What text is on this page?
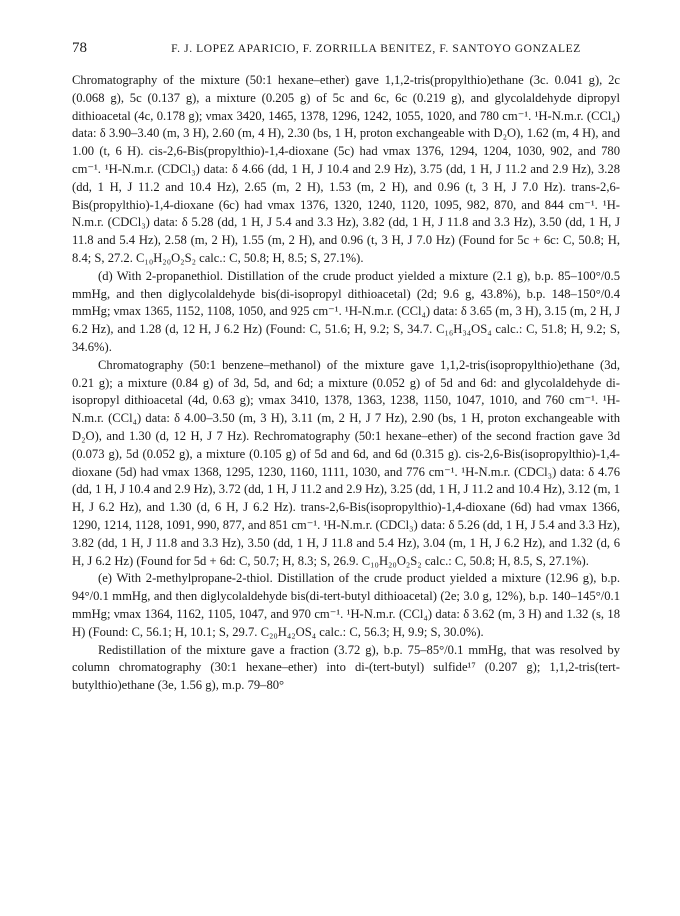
78	F. J. LOPEZ APARICIO, F. ZORRILLA BENITEZ, F. SANTOYO GONZALEZ

Chromatography of the mixture (50:1 hexane–ether) gave 1,1,2-tris(propylthio)ethane (3c. 0.041 g), 2c (0.068 g), 5c (0.137 g), a mixture (0.205 g) of 5c and 6c, 6c (0.219 g), and glycolaldehyde dipropyl dithioacetal (4c, 0.178 g); νmax 3420, 1465, 1378, 1296, 1242, 1055, 1020, and 780 cm⁻¹. ¹H-N.m.r. (CCl₄) data: δ 3.90–3.40 (m, 3 H), 2.60 (m, 4 H), 2.30 (bs, 1 H, proton exchangeable with D₂O), 1.62 (m, 4 H), and 1.00 (t, 6 H). cis-2,6-Bis(propylthio)-1,4-dioxane (5c) had νmax 1376, 1294, 1204, 1030, 902, and 780 cm⁻¹. ¹H-N.m.r. (CDCl₃) data: δ 4.66 (dd, 1 H, J 10.4 and 2.9 Hz), 3.75 (dd, 1 H, J 11.2 and 2.9 Hz), 3.28 (dd, 1 H, J 11.2 and 10.4 Hz), 2.65 (m, 2 H), 1.53 (m, 2 H), and 0.96 (t, 3 H, J 7.0 Hz). trans-2,6-Bis(propylthio)-1,4-dioxane (6c) had νmax 1376, 1320, 1240, 1120, 1095, 982, 870, and 844 cm⁻¹. ¹H-N.m.r. (CDCl₃) data: δ 5.28 (dd, 1 H, J 5.4 and 3.3 Hz), 3.82 (dd, 1 H, J 11.8 and 3.3 Hz), 3.50 (dd, 1 H, J 11.8 and 5.4 Hz), 2.58 (m, 2 H), 1.55 (m, 2 H), and 0.96 (t, 3 H, J 7.0 Hz) (Found for 5c + 6c: C, 50.8; H, 8.4; S, 27.2. C₁₀H₂₀O₂S₂ calc.: C, 50.8; H, 8.5; S, 27.1%).

(d) With 2-propanethiol. Distillation of the crude product yielded a mixture (2.1 g), b.p. 85–100°/0.5 mmHg, and then diglycolaldehyde bis(di-isopropyl dithioacetal) (2d; 9.6 g, 43.8%), b.p. 148–150°/0.4 mmHg; νmax 1365, 1152, 1108, 1050, and 925 cm⁻¹. ¹H-N.m.r. (CCl₄) data: δ 3.65 (m, 3 H), 3.15 (m, 2 H, J 6.2 Hz), and 1.28 (d, 12 H, J 6.2 Hz) (Found: C, 51.6; H, 9.2; S, 34.7. C₁₆H₃₄OS₄ calc.: C, 51.8; H, 9.2; S, 34.6%).

Chromatography (50:1 benzene–methanol) of the mixture gave 1,1,2-tris(isopropylthio)ethane (3d, 0.21 g); a mixture (0.84 g) of 3d, 5d, and 6d; a mixture (0.052 g) of 5d and 6d: and glycolaldehyde di-isopropyl dithioacetal (4d, 0.63 g); νmax 3410, 1378, 1363, 1238, 1150, 1047, 1010, and 760 cm⁻¹. ¹H-N.m.r. (CCl₄) data: δ 4.00–3.50 (m, 3 H), 3.11 (m, 2 H, J 7 Hz), 2.90 (bs, 1 H, proton exchangeable with D₂O), and 1.30 (d, 12 H, J 7 Hz). Rechromatography (50:1 hexane–ether) of the second fraction gave 3d (0.073 g), 5d (0.052 g), a mixture (0.105 g) of 5d and 6d, and 6d (0.315 g). cis-2,6-Bis(isopropylthio)-1,4-dioxane (5d) had νmax 1368, 1295, 1230, 1160, 1111, 1030, and 776 cm⁻¹. ¹H-N.m.r. (CDCl₃) data: δ 4.76 (dd, 1 H, J 10.4 and 2.9 Hz), 3.72 (dd, 1 H, J 11.2 and 2.9 Hz), 3.25 (dd, 1 H, J 11.2 and 10.4 Hz), 3.12 (m, 1 H, J 6.2 Hz), and 1.30 (d, 6 H, J 6.2 Hz). trans-2,6-Bis(isopropylthio)-1,4-dioxane (6d) had νmax 1366, 1290, 1214, 1128, 1091, 990, 877, and 851 cm⁻¹. ¹H-N.m.r. (CDCl₃) data: δ 5.26 (dd, 1 H, J 5.4 and 3.3 Hz), 3.82 (dd, 1 H, J 11.8 and 3.3 Hz), 3.50 (dd, 1 H, J 11.8 and 5.4 Hz), 3.04 (m, 1 H, J 6.2 Hz), and 1.32 (d, 6 H, J 6.2 Hz) (Found for 5d + 6d: C, 50.7; H, 8.3; S, 26.9. C₁₀H₂₀O₂S₂ calc.: C, 50.8; H, 8.5, S, 27.1%).

(e) With 2-methylpropane-2-thiol. Distillation of the crude product yielded a mixture (12.96 g), b.p. 94°/0.1 mmHg, and then diglycolaldehyde bis(di-tert-butyl dithioacetal) (2e; 3.0 g, 12%), b.p. 140–145°/0.1 mmHg; νmax 1364, 1162, 1105, 1047, and 970 cm⁻¹. ¹H-N.m.r. (CCl₄) data: δ 3.62 (m, 3 H) and 1.32 (s, 18 H) (Found: C, 56.1; H, 10.1; S, 29.7. C₂₀H₄₂OS₄ calc.: C, 56.3; H, 9.9; S, 30.0%).

Redistillation of the mixture gave a fraction (3.72 g), b.p. 75–85°/0.1 mmHg, that was resolved by column chromatography (30:1 hexane–ether) into di-(tert-butyl) sulfide¹⁷ (0.207 g); 1,1,2-tris(tert-butylthio)ethane (3e, 1.56 g), m.p. 79–80°
